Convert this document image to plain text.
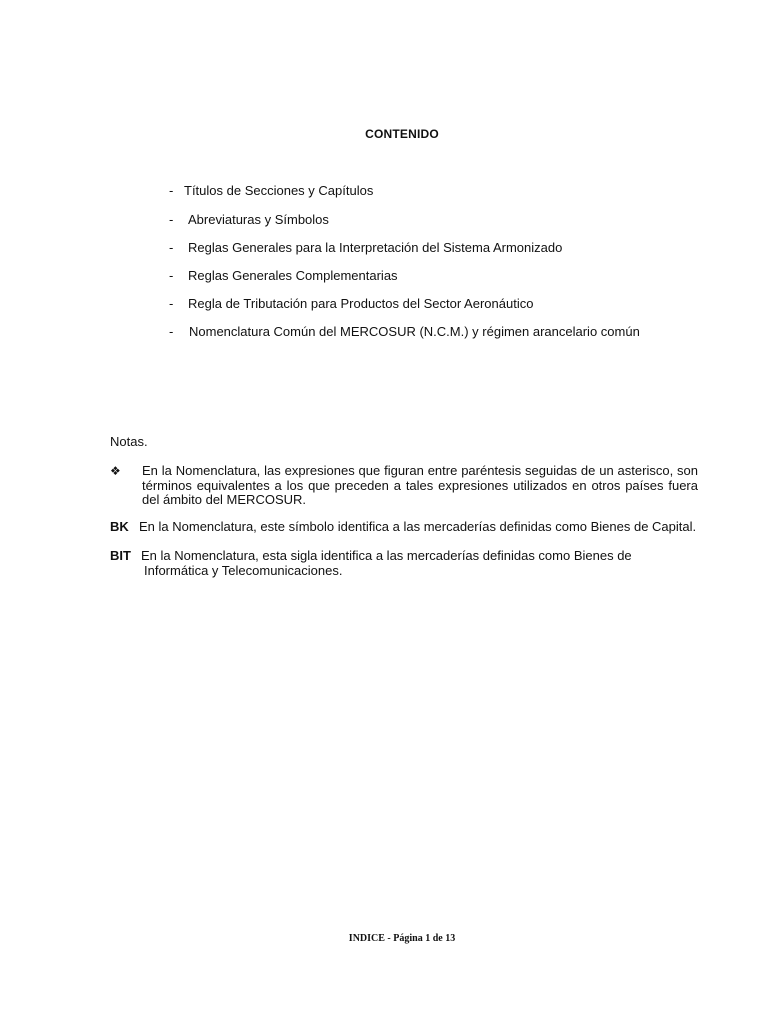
CONTENIDO
- Títulos de Secciones y Capítulos
- Abreviaturas y Símbolos
- Reglas Generales para la Interpretación del Sistema Armonizado
- Reglas Generales Complementarias
- Regla de Tributación para Productos del Sector Aeronáutico
- Nomenclatura Común del MERCOSUR (N.C.M.) y régimen arancelario común
Notas.
❖ En la Nomenclatura, las expresiones que figuran entre paréntesis seguidas de un asterisco, son términos equivalentes a los que preceden a tales expresiones utilizados en otros países fuera del ámbito del MERCOSUR.
BK En la Nomenclatura, este símbolo identifica a las mercaderías definidas como Bienes de Capital.
BIT En la Nomenclatura, esta sigla identifica a las mercaderías definidas como Bienes de
Informática y Telecomunicaciones.
INDICE - Página 1 de 13
